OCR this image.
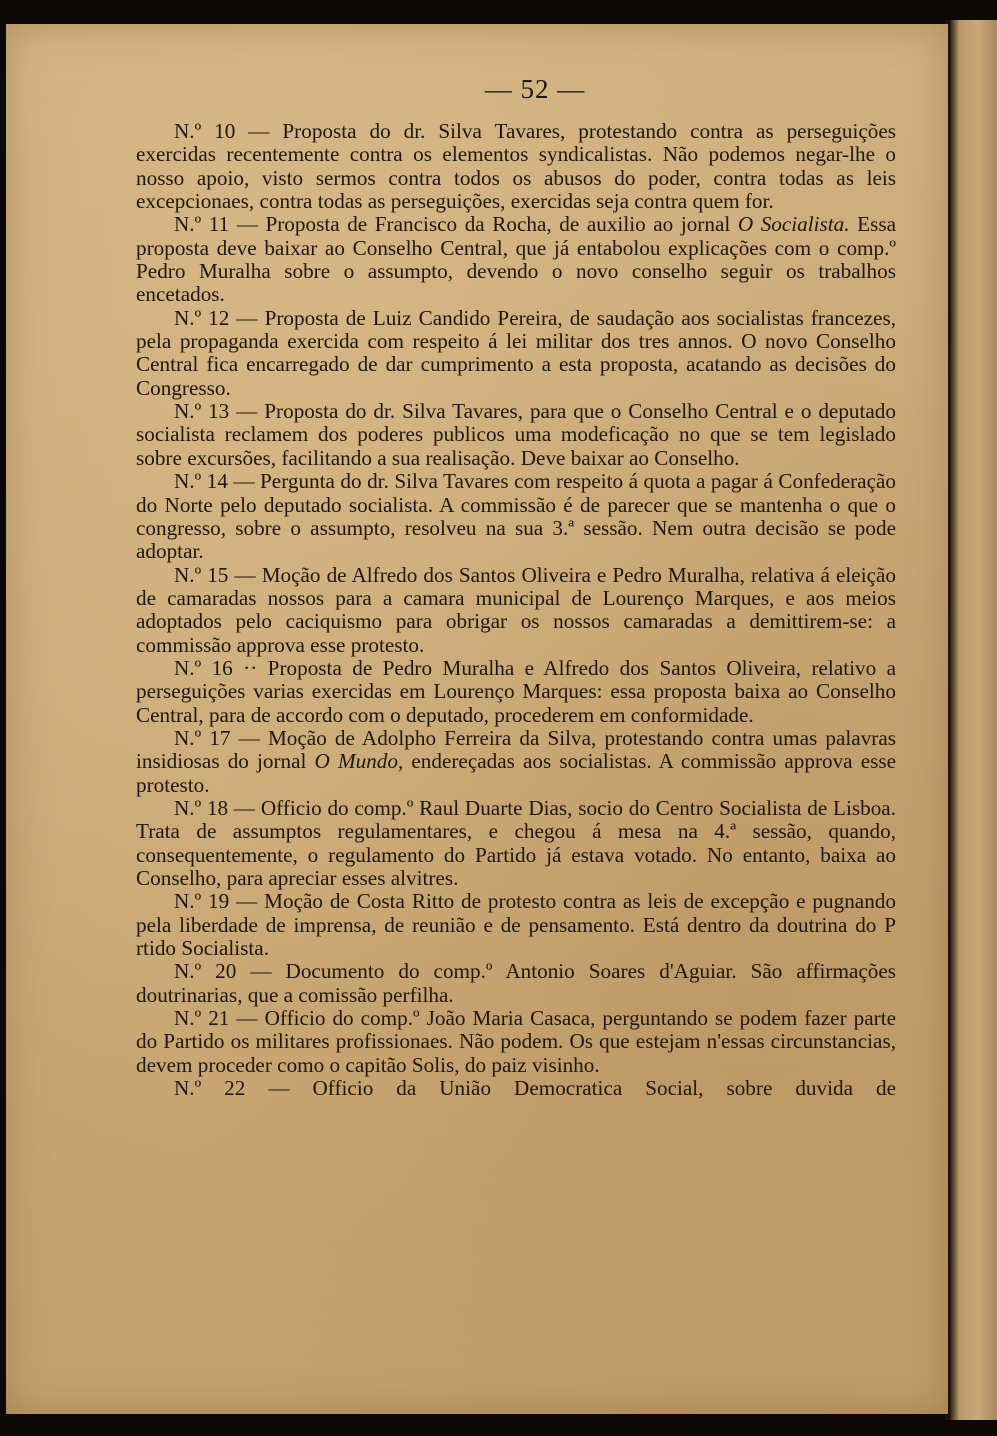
— 52 —

N.º 10 — Proposta do dr. Silva Tavares, protestando contra as perseguições exercidas recentemente contra os elementos syndicalistas. Não podemos negar-lhe o nosso apoio, visto sermos contra todos os abusos do poder, contra todas as leis excepcionaes, contra todas as perseguições, exercidas seja contra quem for.

N.º 11 — Proposta de Francisco da Rocha, de auxilio ao jornal O Socialista. Essa proposta deve baixar ao Conselho Central, que já entabolou explicações com o comp.º Pedro Muralha sobre o assumpto, devendo o novo conselho seguir os trabalhos encetados.

N.º 12 — Proposta de Luiz Candido Pereira, de saudação aos socialistas francezes, pela propaganda exercida com respeito á lei militar dos tres annos. O novo Conselho Central fica encarregado de dar cumprimento a esta proposta, acatando as decisões do Congresso.

N.º 13 — Proposta do dr. Silva Tavares, para que o Conselho Central e o deputado socialista reclamem dos poderes publicos uma modeficação no que se tem legislado sobre excursões, facilitando a sua realisação. Deve baixar ao Conselho.

N.º 14 — Pergunta do dr. Silva Tavares com respeito á quota a pagar á Confederação do Norte pelo deputado socialista. A commissão é de parecer que se mantenha o que o congresso, sobre o assumpto, resolveu na sua 3.ª sessão. Nem outra decisão se pode adoptar.

N.º 15 — Moção de Alfredo dos Santos Oliveira e Pedro Muralha, relativa á eleição de camaradas nossos para a camara municipal de Lourenço Marques, e aos meios adoptados pelo caciquismo para obrigar os nossos camaradas a demittirem-se: a commissão approva esse protesto.

N.º 16 ·· Proposta de Pedro Muralha e Alfredo dos Santos Oliveira, relativo a perseguições varias exercidas em Lourenço Marques: essa proposta baixa ao Conselho Central, para de accordo com o deputado, procederem em conformidade.

N.º 17 — Moção de Adolpho Ferreira da Silva, protestando contra umas palavras insidiosas do jornal O Mundo, endereçadas aos socialistas. A commissão approva esse protesto.

N.º 18 — Officio do comp.º Raul Duarte Dias, socio do Centro Socialista de Lisboa. Trata de assumptos regulamentares, e chegou á mesa na 4.ª sessão, quando, consequentemente, o regulamento do Partido já estava votado. No entanto, baixa ao Conselho, para apreciar esses alvitres.

N.º 19 — Moção de Costa Ritto de protesto contra as leis de excepção e pugnando pela liberdade de imprensa, de reunião e de pensamento. Está dentro da doutrina do P rtido Socialista.

N.º 20 — Documento do comp.º Antonio Soares d'Aguiar. São affirmações doutrinarias, que a comissão perfilha.

N.º 21 — Officio do comp.º João Maria Casaca, perguntando se podem fazer parte do Partido os militares profissionaes. Não podem. Os que estejam n'essas circunstancias, devem proceder como o capitão Solis, do paiz visinho.

N.º 22 — Officio da União Democratica Social, sobre duvida de
